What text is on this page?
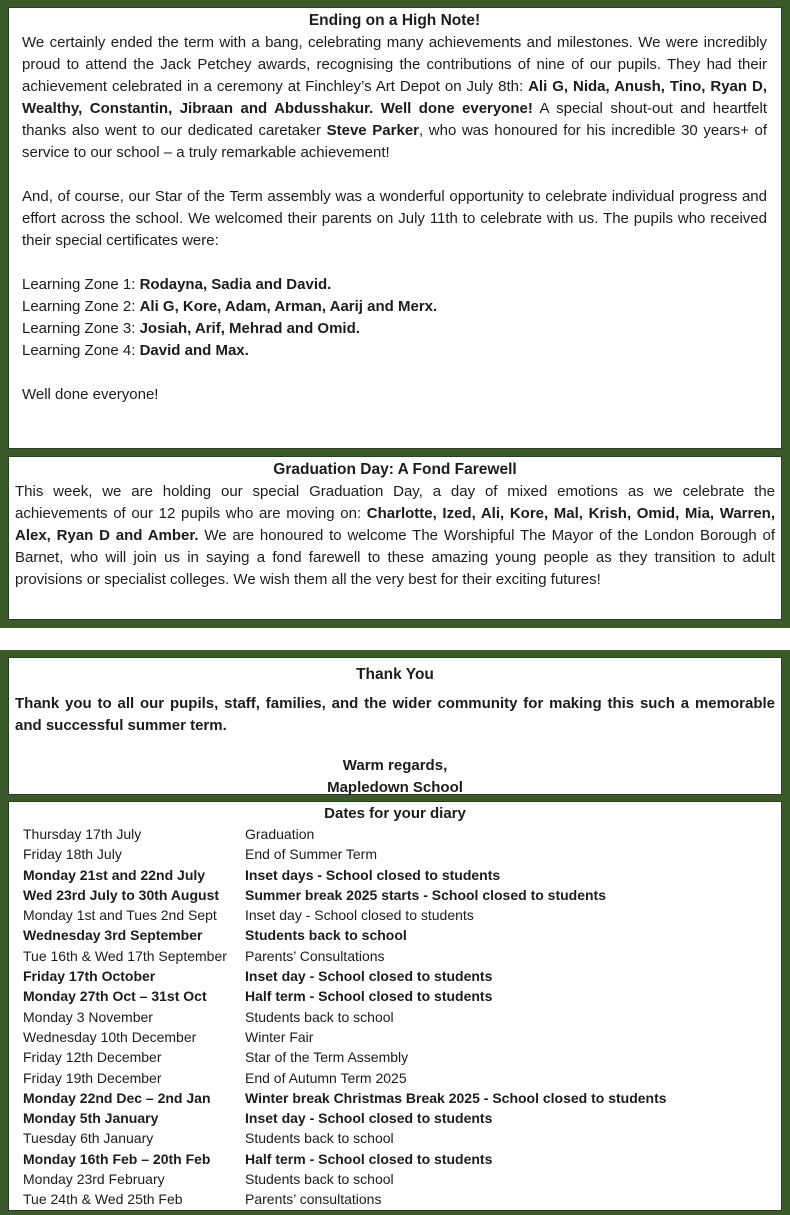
Ending on a High Note!

We certainly ended the term with a bang, celebrating many achievements and milestones. We were incredibly proud to attend the Jack Petchey awards, recognising the contributions of nine of our pupils. They had their achievement celebrated in a ceremony at Finchley’s Art Depot on July 8th: Ali G, Nida, Anush, Tino, Ryan D, Wealthy, Constantin, Jibraan and Abdusshakur. Well done everyone! A special shout-out and heartfelt thanks also went to our dedicated caretaker Steve Parker, who was honoured for his incredible 30 years+ of service to our school – a truly remarkable achievement!

And, of course, our Star of the Term assembly was a wonderful opportunity to celebrate individual progress and effort across the school. We welcomed their parents on July 11th to celebrate with us. The pupils who received their special certificates were:

Learning Zone 1: Rodayna, Sadia and David.
Learning Zone 2: Ali G, Kore, Adam, Arman, Aarij and Merx.
Learning Zone 3: Josiah, Arif, Mehrad and Omid.
Learning Zone 4: David and Max.
Well done everyone!
Graduation Day: A Fond Farewell

This week, we are holding our special Graduation Day, a day of mixed emotions as we celebrate the achievements of our 12 pupils who are moving on: Charlotte, Ized, Ali, Kore, Mal, Krish, Omid, Mia, Warren, Alex, Ryan D and Amber. We are honoured to welcome The Worshipful The Mayor of the London Borough of Barnet, who will join us in saying a fond farewell to these amazing young people as they transition to adult provisions or specialist colleges. We wish them all the very best for their exciting futures!

Thank You

Thank you to all our pupils, staff, families, and the wider community for making this such a memorable and successful summer term.

Warm regards,
Mapledown School
Dates for your diary
Thursday 17th July	Graduation
Friday 18th July	End of Summer Term
Monday 21st and 22nd July	Inset days - School closed to students
Wed 23rd July to 30th August	Summer break 2025 starts - School closed to students
Monday 1st and Tues 2nd Sept	Inset day - School closed to students
Wednesday 3rd September	Students back to school
Tue 16th & Wed 17th September	Parents’ Consultations
Friday 17th October	Inset day - School closed to students
Monday 27th Oct – 31st Oct	Half term - School closed to students
Monday 3 November	Students back to school
Wednesday 10th December	Winter Fair
Friday 12th December	Star of the Term Assembly
Friday 19th December	End of Autumn Term 2025
Monday 22nd Dec – 2nd Jan	Winter break Christmas Break 2025 - School closed to students
Monday 5th January	Inset day - School closed to students
Tuesday 6th January	Students back to school
Monday 16th Feb – 20th Feb	Half term - School closed to students
Monday 23rd February	Students back to school
Tue 24th & Wed 25th Feb	Parents’ consultations
